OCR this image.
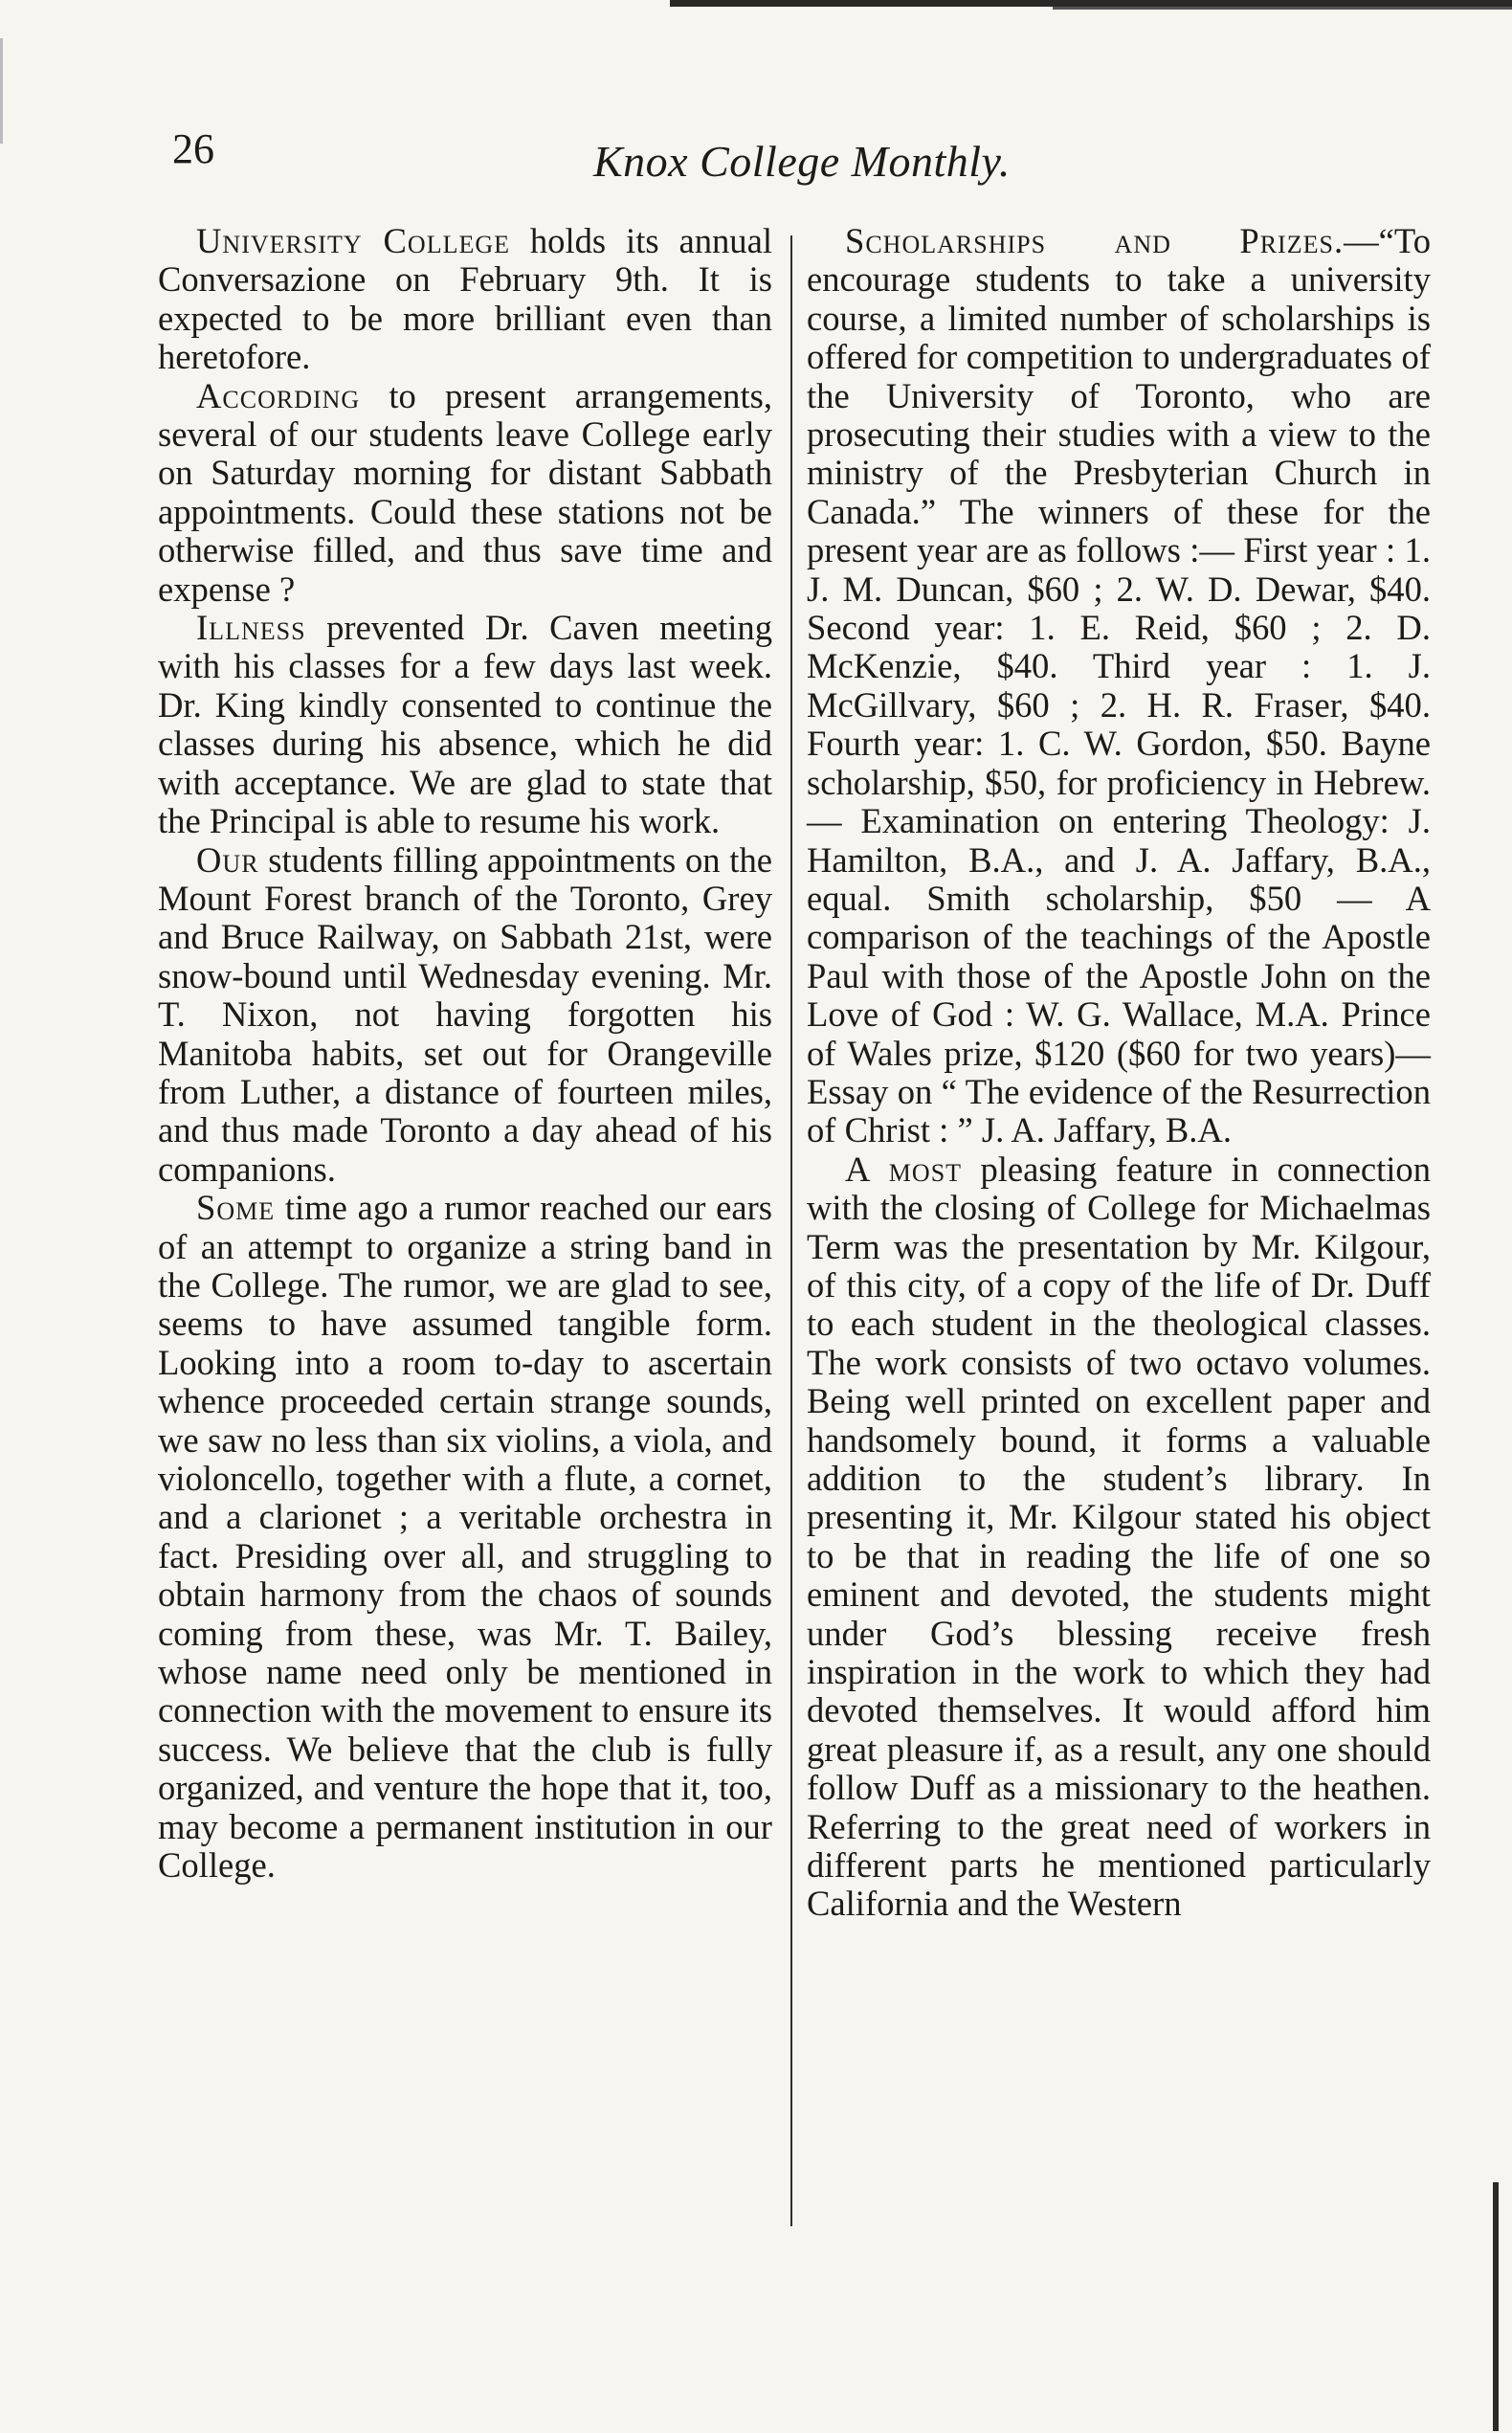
26	Knox College Monthly.

University College holds its annual Conversazione on February 9th. It is expected to be more brilliant even than heretofore.

According to present arrangements, several of our students leave College early on Saturday morning for distant Sabbath appointments. Could these stations not be otherwise filled, and thus save time and expense ?

Illness prevented Dr. Caven meeting with his classes for a few days last week. Dr. King kindly consented to continue the classes during his absence, which he did with acceptance. We are glad to state that the Principal is able to resume his work.

Our students filling appointments on the Mount Forest branch of the Toronto, Grey and Bruce Railway, on Sabbath 21st, were snow-bound until Wednesday evening. Mr. T. Nixon, not having forgotten his Manitoba habits, set out for Orangeville from Luther, a distance of fourteen miles, and thus made Toronto a day ahead of his companions.

Some time ago a rumor reached our ears of an attempt to organize a string band in the College. The rumor, we are glad to see, seems to have assumed tangible form. Looking into a room to-day to ascertain whence proceeded certain strange sounds, we saw no less than six violins, a viola, and violoncello, together with a flute, a cornet, and a clarionet ; a veritable orchestra in fact. Presiding over all, and struggling to obtain harmony from the chaos of sounds coming from these, was Mr. T. Bailey, whose name need only be mentioned in connection with the movement to ensure its success. We believe that the club is fully organized, and venture the hope that it, too, may become a permanent institution in our College.

Scholarships and Prizes.—“To encourage students to take a university course, a limited number of scholarships is offered for competition to undergraduates of the University of Toronto, who are prosecuting their studies with a view to the ministry of the Presbyterian Church in Canada.” The winners of these for the present year are as follows :— First year : 1. J. M. Duncan, $60 ; 2. W. D. Dewar, $40. Second year: 1. E. Reid, $60 ; 2. D. McKenzie, $40. Third year : 1. J. McGillvary, $60 ; 2. H. R. Fraser, $40. Fourth year: 1. C. W. Gordon, $50. Bayne scholarship, $50, for proficiency in Hebrew.— Examination on entering Theology: J. Hamilton, B.A., and J. A. Jaffary, B.A., equal. Smith scholarship, $50 — A comparison of the teachings of the Apostle Paul with those of the Apostle John on the Love of God : W. G. Wallace, M.A. Prince of Wales prize, $120 ($60 for two years)—Essay on “ The evidence of the Resurrection of Christ : ” J. A. Jaffary, B.A.

A most pleasing feature in connection with the closing of College for Michaelmas Term was the presentation by Mr. Kilgour, of this city, of a copy of the life of Dr. Duff to each student in the theological classes. The work consists of two octavo volumes. Being well printed on excellent paper and handsomely bound, it forms a valuable addition to the student’s library. In presenting it, Mr. Kilgour stated his object to be that in reading the life of one so eminent and devoted, the students might under God’s blessing receive fresh inspiration in the work to which they had devoted themselves. It would afford him great pleasure if, as a result, any one should follow Duff as a missionary to the heathen. Referring to the great need of workers in different parts he mentioned particularly California and the Western
